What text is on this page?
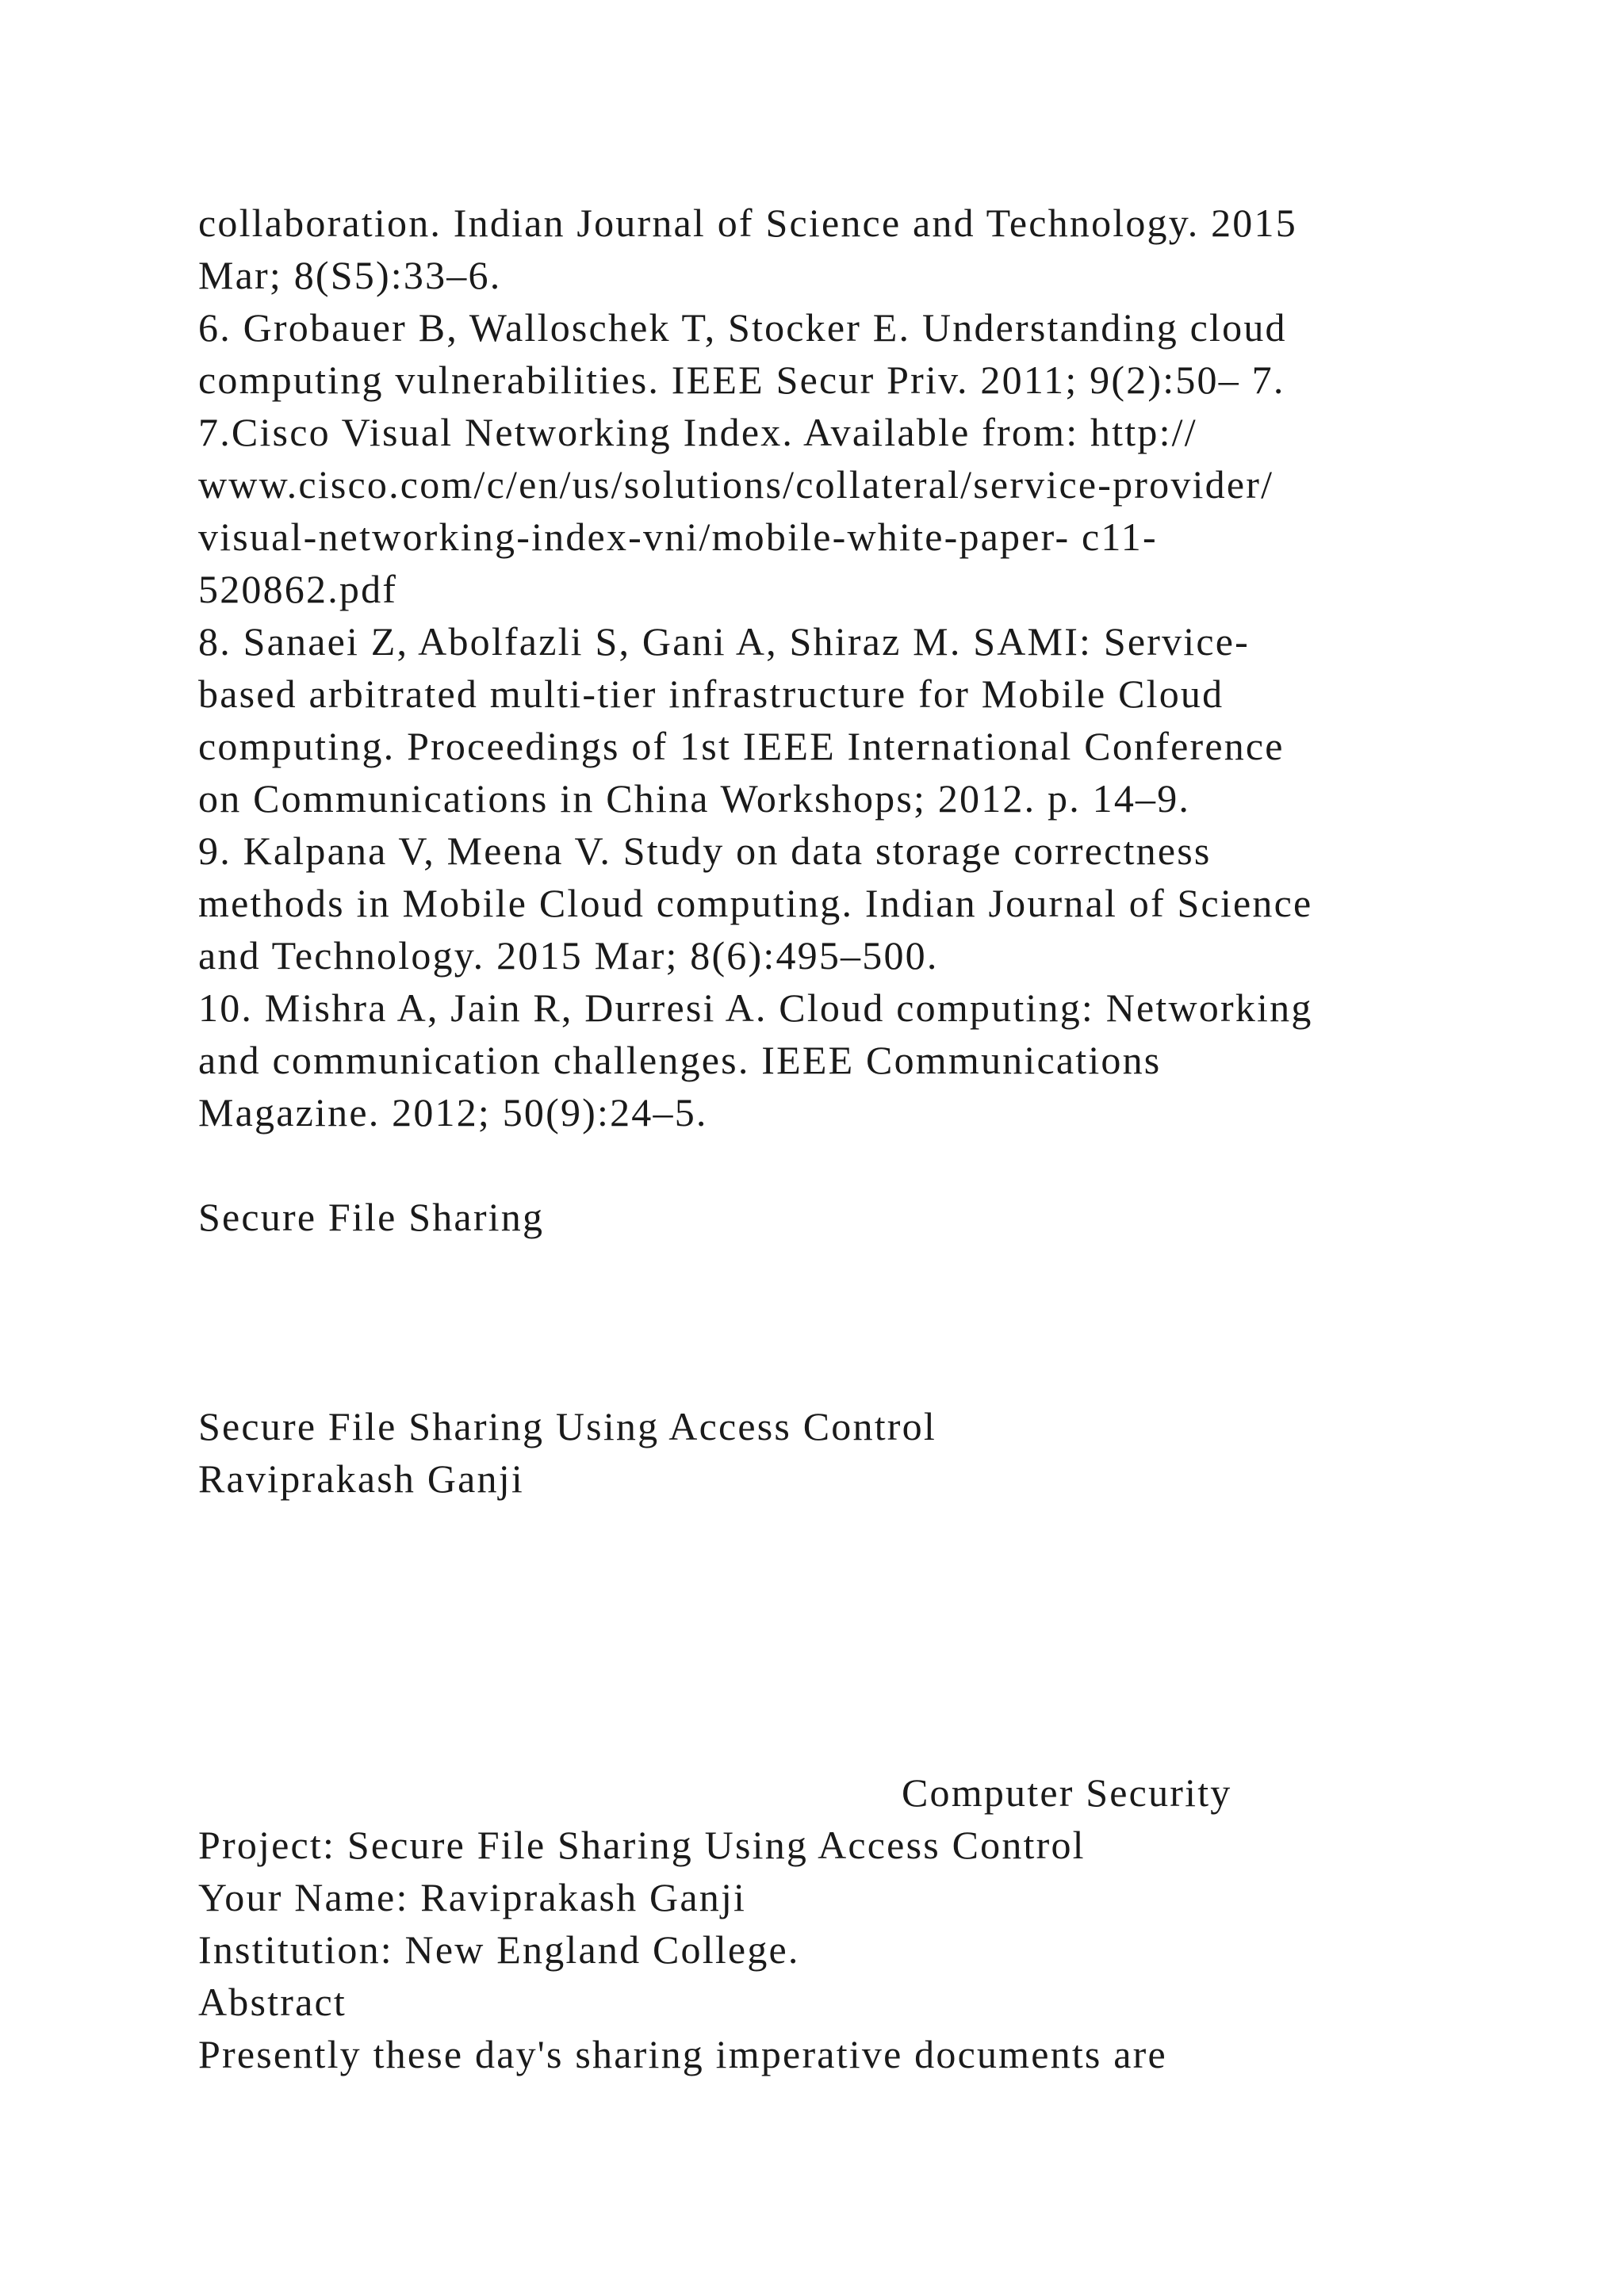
collaboration. Indian Journal of Science and Technology. 2015
Mar; 8(S5):33–6.
6. Grobauer B, Walloschek T, Stocker E. Understanding cloud
computing vulnerabilities. IEEE Secur Priv. 2011; 9(2):50– 7.
7.Cisco Visual Networking Index. Available from: http://
www.cisco.com/c/en/us/solutions/collateral/service-provider/
visual-networking-index-vni/mobile-white-paper- c11-
520862.pdf
8. Sanaei Z, Abolfazli S, Gani A, Shiraz M. SAMI: Service-
based arbitrated multi-tier infrastructure for Mobile Cloud
computing. Proceedings of 1st IEEE International Conference
on Communications in China Workshops; 2012. p. 14–9.
9. Kalpana V, Meena V. Study on data storage correctness
methods in Mobile Cloud computing. Indian Journal of Science
and Technology. 2015 Mar; 8(6):495–500.
10. Mishra A, Jain R, Durresi A. Cloud computing: Networking
and communication challenges. IEEE Communications
Magazine. 2012; 50(9):24–5.
Secure File Sharing
Secure File Sharing Using Access Control
Raviprakash Ganji
Computer Security
Project: Secure File Sharing Using Access Control
Your Name: Raviprakash Ganji
Institution: New England College.
Abstract
Presently these day's sharing imperative documents are
